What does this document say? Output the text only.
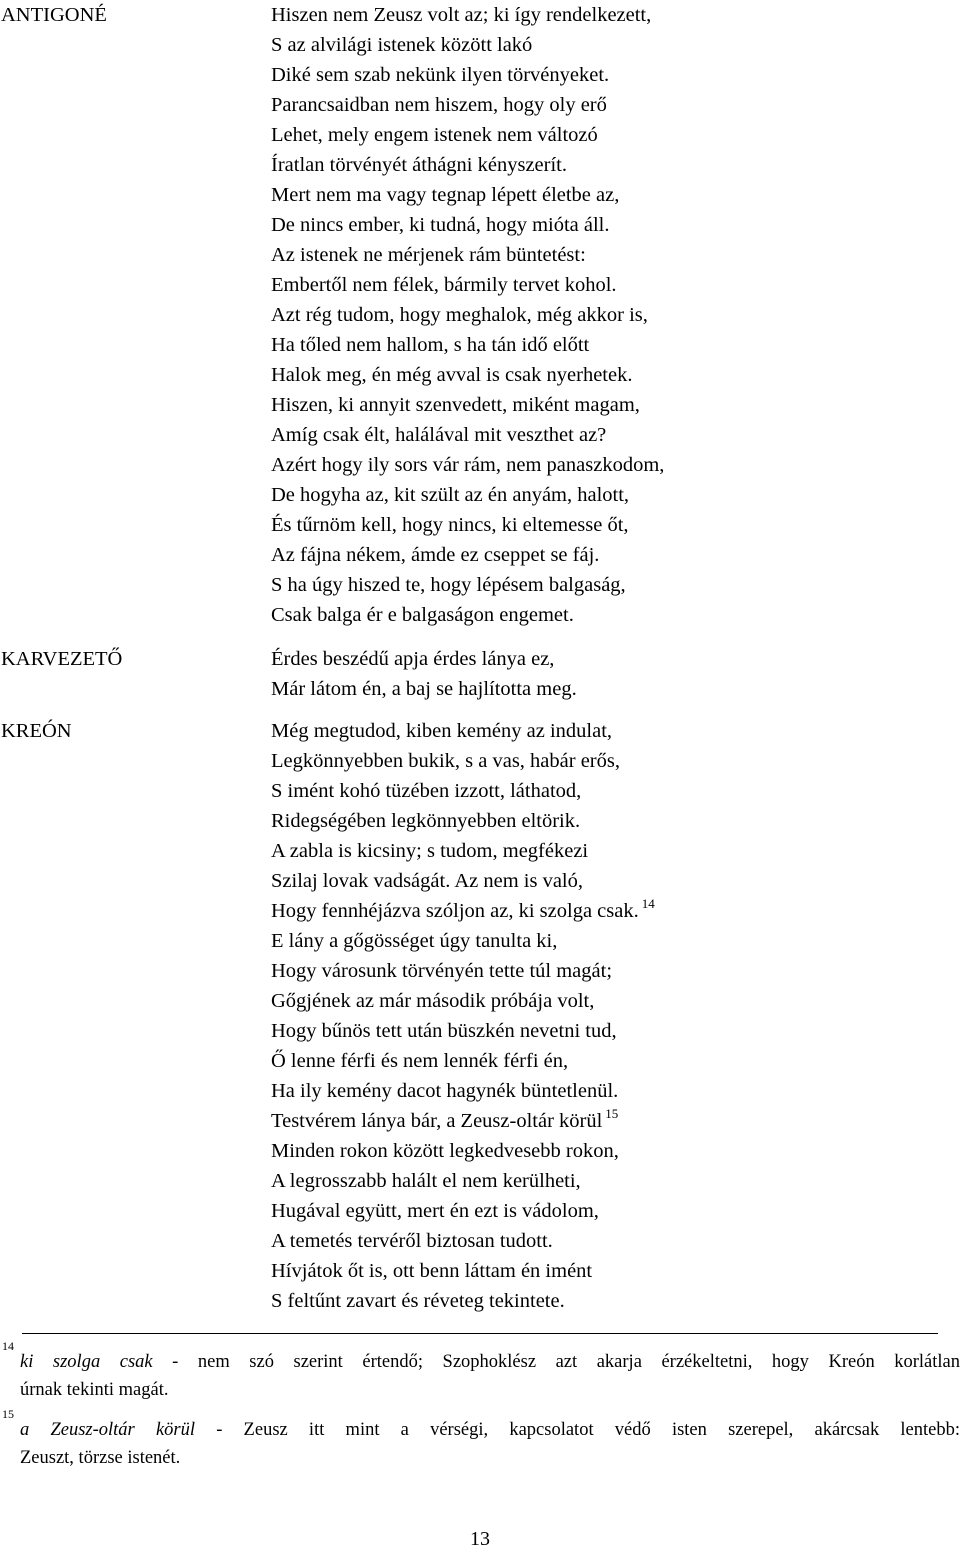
ANTIGONÉ	Hiszen nem Zeusz volt az; ki így rendelkezett,
S az alvilági istenek között lakó
Diké sem szab nekünk ilyen törvényeket.
Parancsaidban nem hiszem, hogy oly erő
Lehet, mely engem istenek nem változó
Íratlan törvényét áthágni kényszerít.
Mert nem ma vagy tegnap lépett életbe az,
De nincs ember, ki tudná, hogy mióta áll.
Az istenek ne mérjenek rám büntetést:
Embertől nem félek, bármily tervet kohol.
Azt rég tudom, hogy meghalok, még akkor is,
Ha tőled nem hallom, s ha tán idő előtt
Halok meg, én még avval is csak nyerhetek.
Hiszen, ki annyit szenvedett, miként magam,
Amíg csak élt, halálával mit veszthet az?
Azért hogy ily sors vár rám, nem panaszkodom,
De hogyha az, kit szült az én anyám, halott,
És tűrnöm kell, hogy nincs, ki eltemesse őt,
Az fájna nékem, ámde ez cseppet se fáj.
S ha úgy hiszed te, hogy lépésem balgaság,
Csak balga ér e balgaságon engemet.
KARVEZETŐ	Érdes beszédű apja érdes lánya ez,
Már látom én, a baj se hajlította meg.
KREÓN	Még megtudod, kiben kemény az indulat,
Legkönnyebben bukik, s a vas, habár erős,
S imént kohó tüzében izzott, láthatod,
Ridegségében legkönnyebben eltörik.
A zabla is kicsiny; s tudom, megfékezi
Szilaj lovak vadságát. Az nem is való,
Hogy fennhéjázva szóljon az, ki szolga csak. $^{14}$
E lány a gőgösséget úgy tanulta ki,
Hogy városunk törvényén tette túl magát;
Gőgjének az már második próbája volt,
Hogy bűnös tett után büszkén nevetni tud,
Ő lenne férfi és nem lennék férfi én,
Ha ily kemény dacot hagynék büntetlenül.
Testvérem lánya bár, a Zeusz-oltár körül $^{15}$
Minden rokon között legkedvesebb rokon,
A legrosszabb halált el nem kerülheti,
Hugával együtt, mert én ezt is vádolom,
A temetés tervéről biztosan tudott.
Hívjátok őt is, ott benn láttam én imént
S feltűnt zavart és réveteg tekintete.
14
ki szolga csak - nem szó szerint értendő; Szophoklész azt akarja érzékeltetni, hogy Kreón korlátlan
úrnak tekinti magát.
15
a Zeusz-oltár körül - Zeusz itt mint a vérségi, kapcsolatot védő isten szerepel, akárcsak lentebb:
Zeuszt, törzse istenét.
13
